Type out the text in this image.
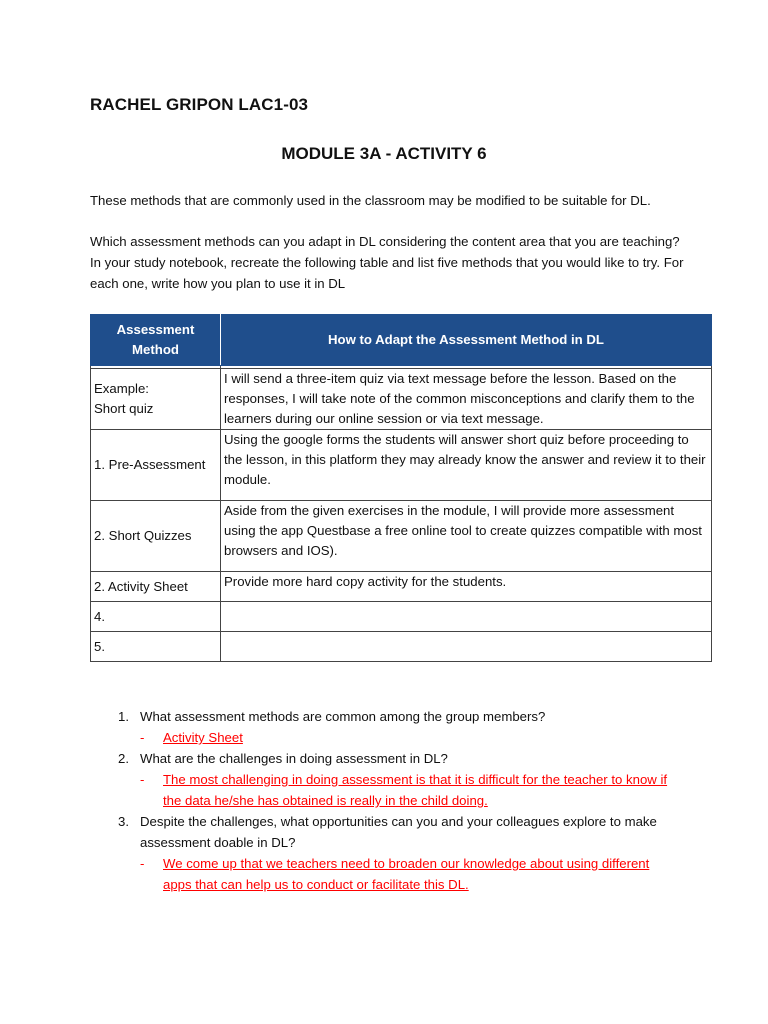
RACHEL GRIPON LAC1-03
MODULE 3A - ACTIVITY 6
These methods that are commonly used in the classroom may be modified to be suitable for DL.
Which assessment methods can you adapt in DL considering the content area that you are teaching? In your study notebook, recreate the following table and list five methods that you would like to try. For each one, write how you plan to use it in DL
Assessment Method	How to Adapt the Assessment Method in DL

Example:
Short quiz	I will send a three-item quiz via text message before the lesson. Based on the responses, I will take note of the common misconceptions and clarify them to the learners during our online session or via text message.
1. Pre-Assessment	Using the google forms the students will answer short quiz before proceeding to the lesson, in this platform they may already know the answer and review it to their module.
2. Short Quizzes	Aside from the given exercises in the module, I will provide more assessment using the app Questbase a free online tool to create quizzes compatible with most browsers and IOS).
2. Activity Sheet	Provide more hard copy activity for the students.
4.	
5.	
1. What assessment methods are common among the group members?
- Activity Sheet
2. What are the challenges in doing assessment in DL?
- The most challenging in doing assessment is that it is difficult for the teacher to know if the data he/she has obtained is really in the child doing.
3. Despite the challenges, what opportunities can you and your colleagues explore to make assessment doable in DL?
- We come up that we teachers need to broaden our knowledge about using different apps that can help us to conduct or facilitate this DL.
